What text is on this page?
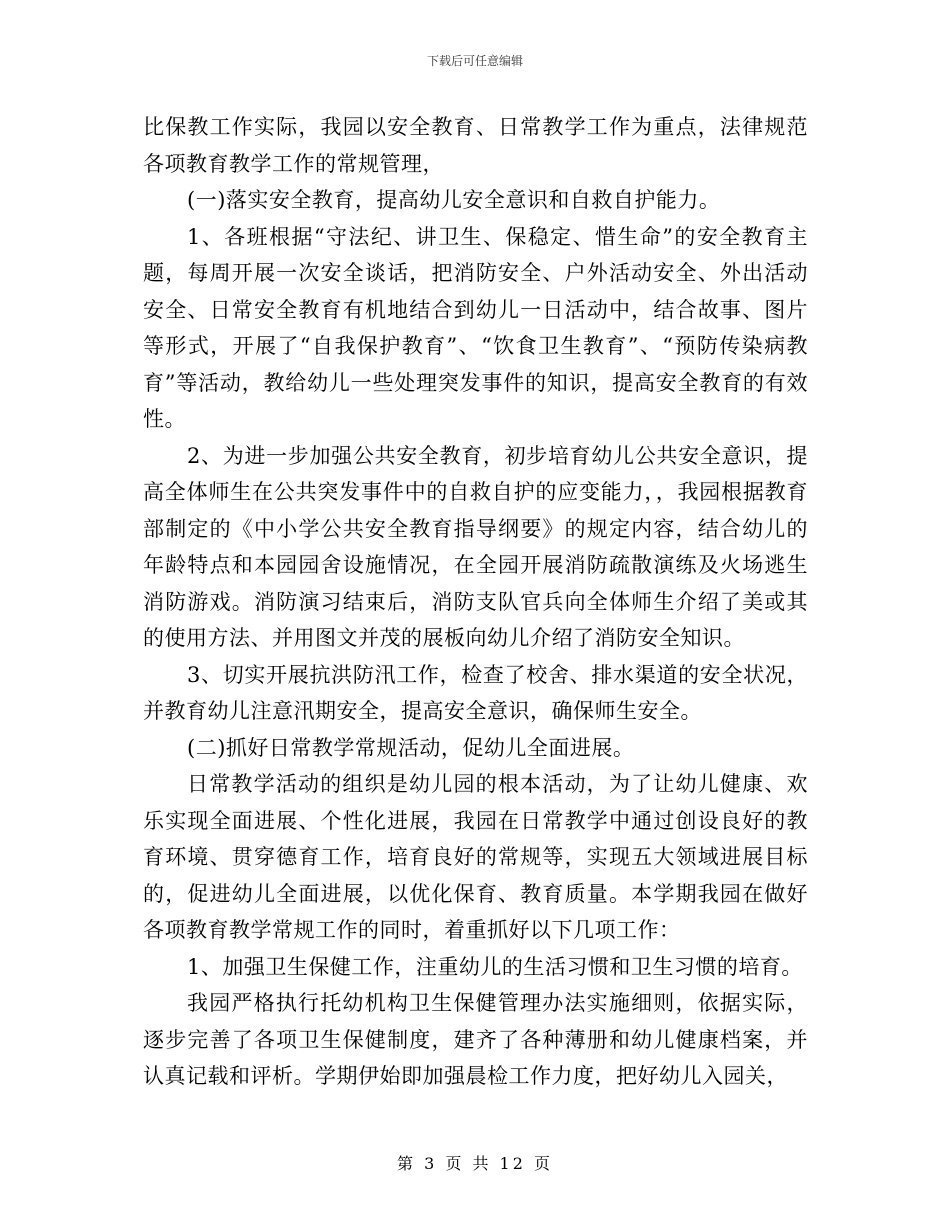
下载后可任意编辑

比保教工作实际，我园以安全教育、日常教学工作为重点，法律规范各项教育教学工作的常规管理，

(一)落实安全教育，提高幼儿安全意识和自救自护能力。

1、各班根据“守法纪、讲卫生、保稳定、惜生命”的安全教育主题，每周开展一次安全谈话，把消防安全、户外活动安全、外出活动安全、日常安全教育有机地结合到幼儿一日活动中，结合故事、图片等形式，开展了“自我保护教育”、“饮食卫生教育”、“预防传染病教育”等活动，教给幼儿一些处理突发事件的知识，提高安全教育的有效性。

2、为进一步加强公共安全教育，初步培育幼儿公共安全意识，提高全体师生在公共突发事件中的自救自护的应变能力，，我园根据教育部制定的《中小学公共安全教育指导纲要》的规定内容，结合幼儿的年龄特点和本园园舍设施情况，在全园开展消防疏散演练及火场逃生消防游戏。消防演习结束后，消防支队官兵向全体师生介绍了美或其的使用方法、并用图文并茂的展板向幼儿介绍了消防安全知识。

3、切实开展抗洪防汛工作，检查了校舍、排水渠道的安全状况，并教育幼儿注意汛期安全，提高安全意识，确保师生安全。

(二)抓好日常教学常规活动，促幼儿全面进展。

日常教学活动的组织是幼儿园的根本活动，为了让幼儿健康、欢乐实现全面进展、个性化进展，我园在日常教学中通过创设良好的教育环境、贯穿德育工作，培育良好的常规等，实现五大领域进展目标的，促进幼儿全面进展，以优化保育、教育质量。本学期我园在做好各项教育教学常规工作的同时，着重抓好以下几项工作：

1、加强卫生保健工作，注重幼儿的生活习惯和卫生习惯的培育。

我园严格执行托幼机构卫生保健管理办法实施细则，依据实际，逐步完善了各项卫生保健制度，建齐了各种薄册和幼儿健康档案，并认真记载和评析。学期伊始即加强晨检工作力度，把好幼儿入园关，

第 3 页 共 12 页
